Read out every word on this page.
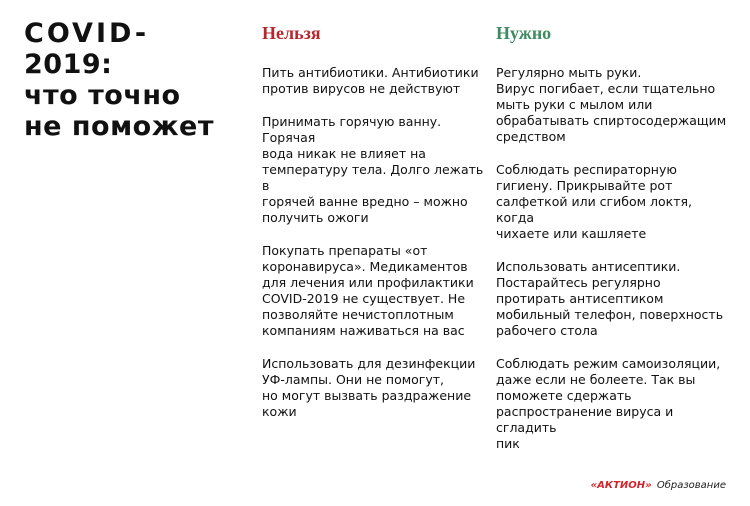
COVID-
2019:
что точно
не поможет
Нельзя
Пить антибиотики. Антибиотики
против вирусов не действуют
Принимать горячую ванну. Горячая
вода никак не влияет на
температуру тела. Долго лежать в
горячей ванне вредно – можно
получить ожоги
Покупать препараты «от
коронавируса». Медикаментов
для лечения или профилактики
COVID-2019 не существует. Не
позволяйте нечистоплотным
компаниям наживаться на вас
Использовать для дезинфекции
УФ-лампы. Они не помогут,
но могут вызвать раздражение
кожи
Нужно
Регулярно мыть руки.
Вирус погибает, если тщательно
мыть руки с мылом или
обрабатывать спиртосодержащим
средством
Соблюдать респираторную
гигиену. Прикрывайте рот
салфеткой или сгибом локтя, когда
чихаете или кашляете
Использовать антисептики.
Постарайтесь регулярно
протирать антисептиком
мобильный телефон, поверхность
рабочего стола
Соблюдать режим самоизоляции,
даже если не болеете. Так вы
поможете сдержать
распространение вируса и сгладить
пик
«АКТИОН» Образование
